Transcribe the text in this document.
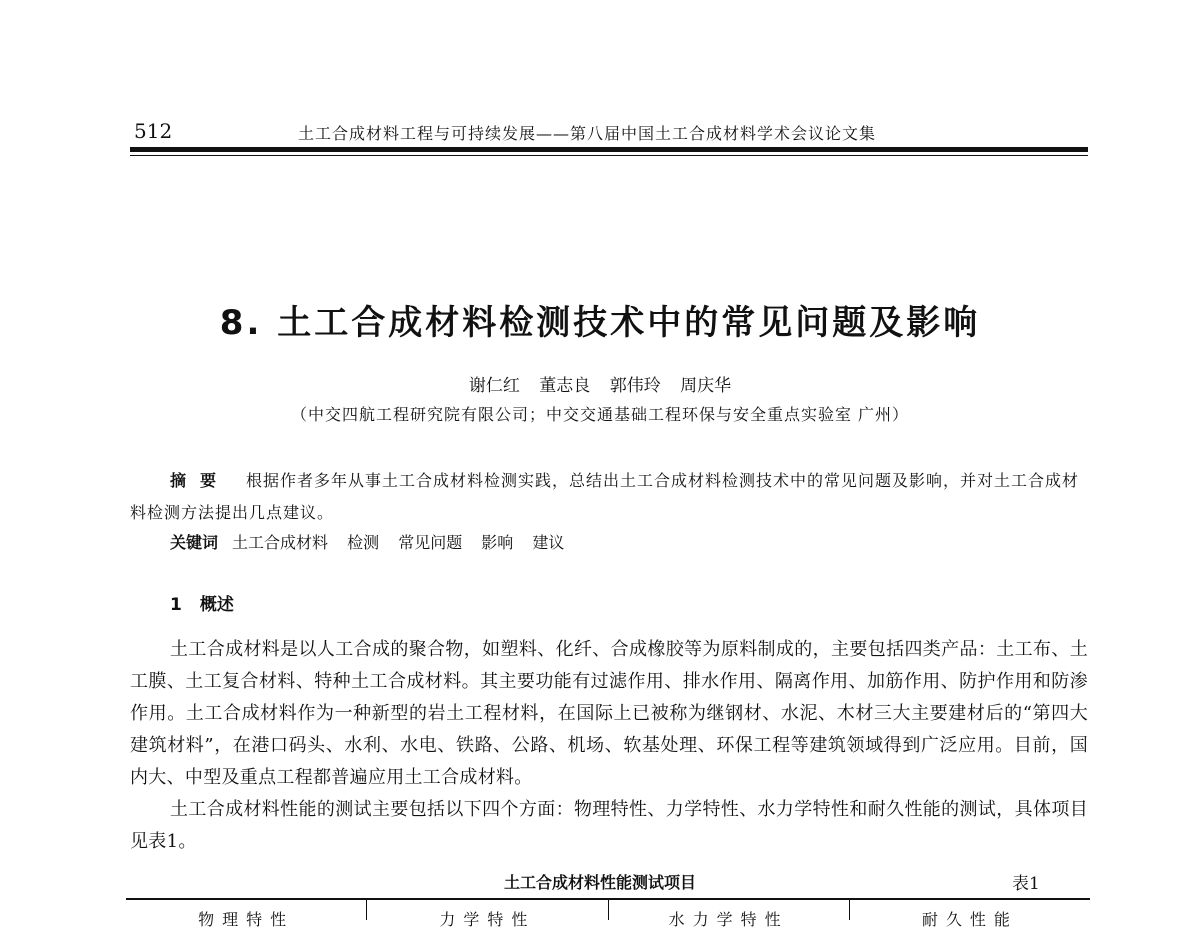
512	土工合成材料工程与可持续发展——第八届中国土工合成材料学术会议论文集
8. 土工合成材料检测技术中的常见问题及影响
谢仁红 董志良 郭伟玲 周庆华
（中交四航工程研究院有限公司；中交交通基础工程环保与安全重点实验室 广州）
摘要 根据作者多年从事土工合成材料检测实践，总结出土工合成材料检测技术中的常见问题及影响，并对土工合成材料检测方法提出几点建议。
关键词 土工合成材料 检测 常见问题 影响 建议
1 概述

土工合成材料是以人工合成的聚合物，如塑料、化纤、合成橡胶等为原料制成的，主要包括四类产品：土工布、土工膜、土工复合材料、特种土工合成材料。其主要功能有过滤作用、排水作用、隔离作用、加筋作用、防护作用和防渗作用。土工合成材料作为一种新型的岩土工程材料，在国际上已被称为继钢材、水泥、木材三大主要建材后的“第四大建筑材料”，在港口码头、水利、水电、铁路、公路、机场、软基处理、环保工程等建筑领域得到广泛应用。目前，国内大、中型及重点工程都普遍应用土工合成材料。

土工合成材料性能的测试主要包括以下四个方面：物理特性、力学特性、水力学特性和耐久性能的测试，具体项目见表1。

土工合成材料性能测试项目	表1
物理特性	力学特性	水力学特性	耐久性能
